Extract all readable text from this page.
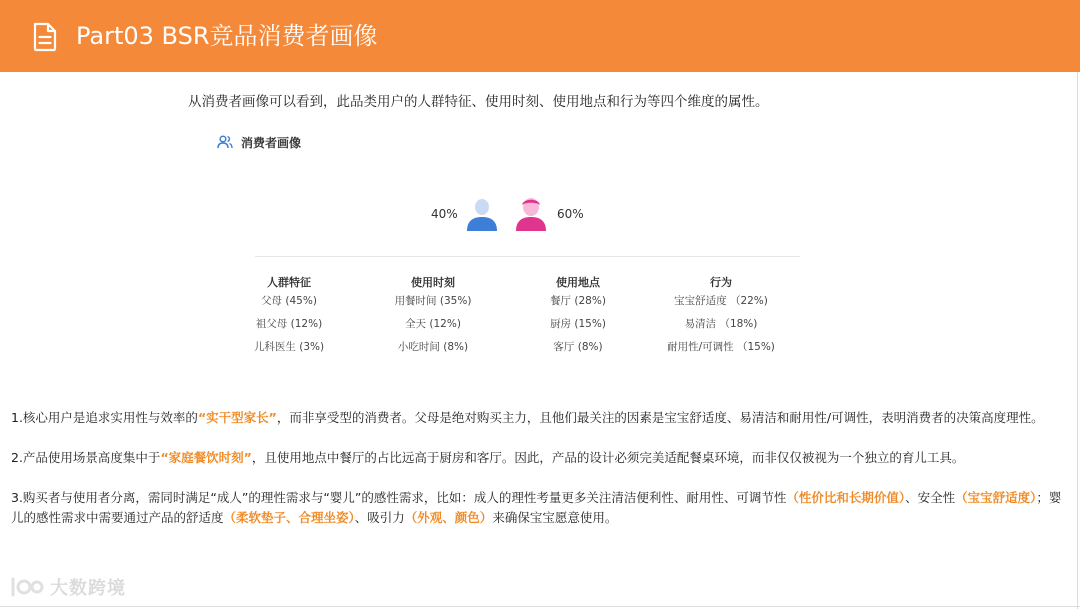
Part03 BSR竞品消费者画像
从消费者画像可以看到，此品类用户的人群特征、使用时刻、使用地点和行为等四个维度的属性。
消费者画像
40%	60%
人群特征
父母 (45%)
祖父母 (12%)
儿科医生 (3%)
使用时刻
用餐时间 (35%)
全天 (12%)
小吃时间 (8%)
使用地点
餐厅 (28%)
厨房 (15%)
客厅 (8%)
行为
宝宝舒适度 （22%)
易清洁 （18%)
耐用性/可调性 （15%)
1.核心用户是追求实用性与效率的“实干型家长”，而非享受型的消费者。父母是绝对购买主力，且他们最关注的因素是宝宝舒适度、易清洁和耐用性/可调性，表明消费者的决策高度理性。
2.产品使用场景高度集中于“家庭餐饮时刻”，且使用地点中餐厅的占比远高于厨房和客厅。因此，产品的设计必须完美适配餐桌环境，而非仅仅被视为一个独立的育儿工具。
3.购买者与使用者分离，需同时满足“成人”的理性需求与“婴儿”的感性需求，比如：成人的理性考量更多关注清洁便利性、耐用性、可调节性（性价比和长期价值）、安全性（宝宝舒适度）；婴儿的感性需求中需要通过产品的舒适度（柔软垫子、合理坐姿）、吸引力（外观、颜色）来确保宝宝愿意使用。
大数跨境
